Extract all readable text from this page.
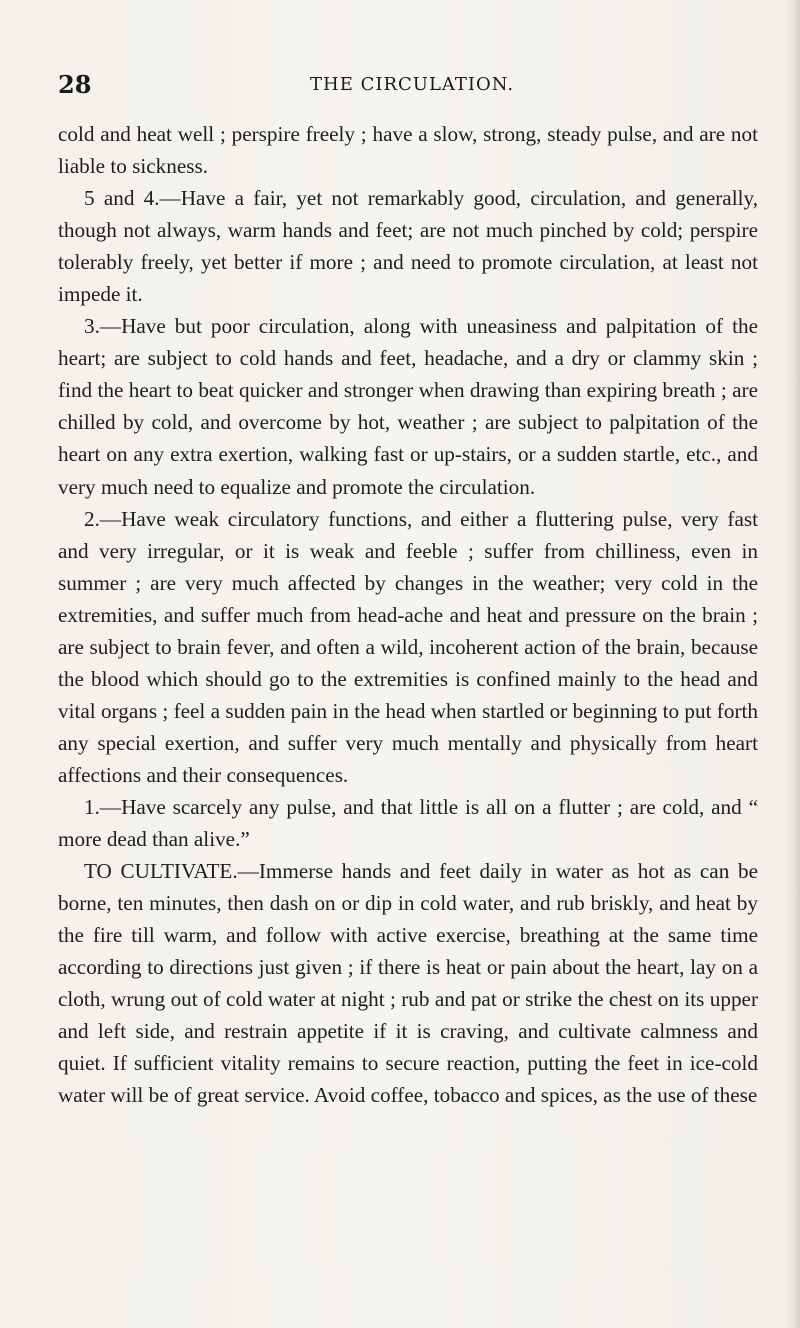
28	THE CIRCULATION.

cold and heat well ; perspire freely ; have a slow, strong, steady pulse, and are not liable to sickness.

5 and 4.—Have a fair, yet not remarkably good, circulation, and generally, though not always, warm hands and feet; are not much pinched by cold; perspire tolerably freely, yet better if more ; and need to promote circulation, at least not impede it.

3.—Have but poor circulation, along with uneasiness and palpitation of the heart; are subject to cold hands and feet, headache, and a dry or clammy skin ; find the heart to beat quicker and stronger when drawing than expiring breath ; are chilled by cold, and overcome by hot, weather ; are subject to palpitation of the heart on any extra exertion, walking fast or up-stairs, or a sudden startle, etc., and very much need to equalize and promote the circulation.

2.—Have weak circulatory functions, and either a fluttering pulse, very fast and very irregular, or it is weak and feeble ; suffer from chilliness, even in summer ; are very much affected by changes in the weather; very cold in the extremities, and suffer much from head-ache and heat and pressure on the brain ; are subject to brain fever, and often a wild, incoherent action of the brain, because the blood which should go to the extremities is confined mainly to the head and vital organs ; feel a sudden pain in the head when startled or beginning to put forth any special exertion, and suffer very much mentally and physically from heart affections and their consequences.

1.—Have scarcely any pulse, and that little is all on a flutter ; are cold, and “ more dead than alive.”

TO CULTIVATE.—Immerse hands and feet daily in water as hot as can be borne, ten minutes, then dash on or dip in cold water, and rub briskly, and heat by the fire till warm, and follow with active exercise, breathing at the same time according to directions just given ; if there is heat or pain about the heart, lay on a cloth, wrung out of cold water at night ; rub and pat or strike the chest on its upper and left side, and restrain appetite if it is craving, and cultivate calmness and quiet. If sufficient vitality remains to secure reaction, putting the feet in ice-cold water will be of great service. Avoid coffee, tobacco and spices, as the use of these
